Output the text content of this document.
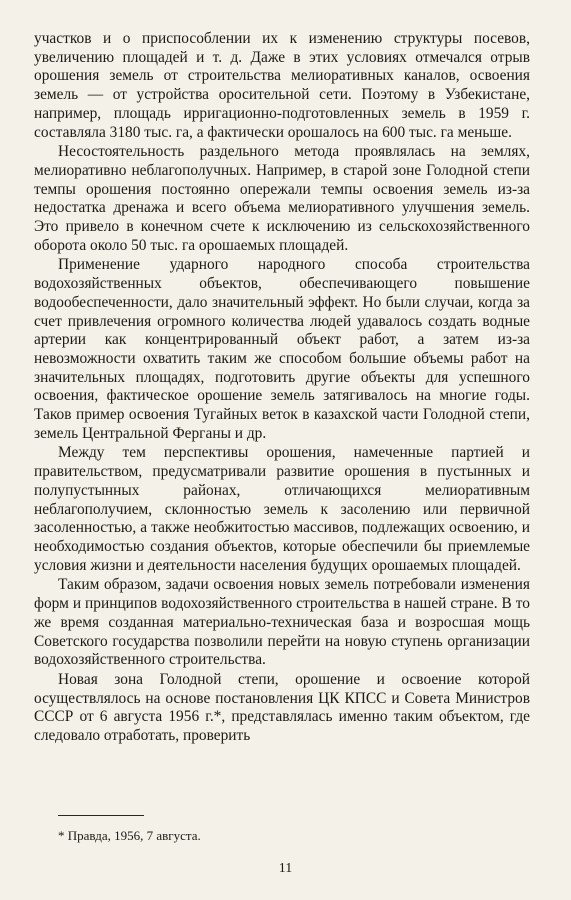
участков и о приспособлении их к изменению структуры посевов, увеличению площадей и т. д. Даже в этих условиях отмечался отрыв орошения земель от строительства мелиоративных каналов, освоения земель — от устройства оросительной сети. Поэтому в Узбекистане, например, площадь ирригационно-подготовленных земель в 1959 г. составляла 3180 тыс. га, а фактически орошалось на 600 тыс. га меньше.

Несостоятельность раздельного метода проявлялась на землях, мелиоративно неблагополучных. Например, в старой зоне Голодной степи темпы орошения постоянно опережали темпы освоения земель из-за недостатка дренажа и всего объема мелиоративного улучшения земель. Это привело в конечном счете к исключению из сельскохозяйственного оборота около 50 тыс. га орошаемых площадей.

Применение ударного народного способа строительства водохозяйственных объектов, обеспечивающего повышение водообеспеченности, дало значительный эффект. Но были случаи, когда за счет привлечения огромного количества людей удавалось создать водные артерии как концентрированный объект работ, а затем из-за невозможности охватить таким же способом большие объемы работ на значительных площадях, подготовить другие объекты для успешного освоения, фактическое орошение земель затягивалось на многие годы. Таков пример освоения Тугайных веток в казахской части Голодной степи, земель Центральной Ферганы и др.

Между тем перспективы орошения, намеченные партией и правительством, предусматривали развитие орошения в пустынных и полупустынных районах, отличающихся мелиоративным неблагополучием, склонностью земель к засолению или первичной засоленностью, а также необжитостью массивов, подлежащих освоению, и необходимостью создания объектов, которые обеспечили бы приемлемые условия жизни и деятельности населения будущих орошаемых площадей.

Таким образом, задачи освоения новых земель потребовали изменения форм и принципов водохозяйственного строительства в нашей стране. В то же время созданная материально-техническая база и возросшая мощь Советского государства позволили перейти на новую ступень организации водохозяйственного строительства.

Новая зона Голодной степи, орошение и освоение которой осуществлялось на основе постановления ЦК КПСС и Совета Министров СССР от 6 августа 1956 г.*, представлялась именно таким объектом, где следовало отработать, проверить

* Правда, 1956, 7 августа.
11
